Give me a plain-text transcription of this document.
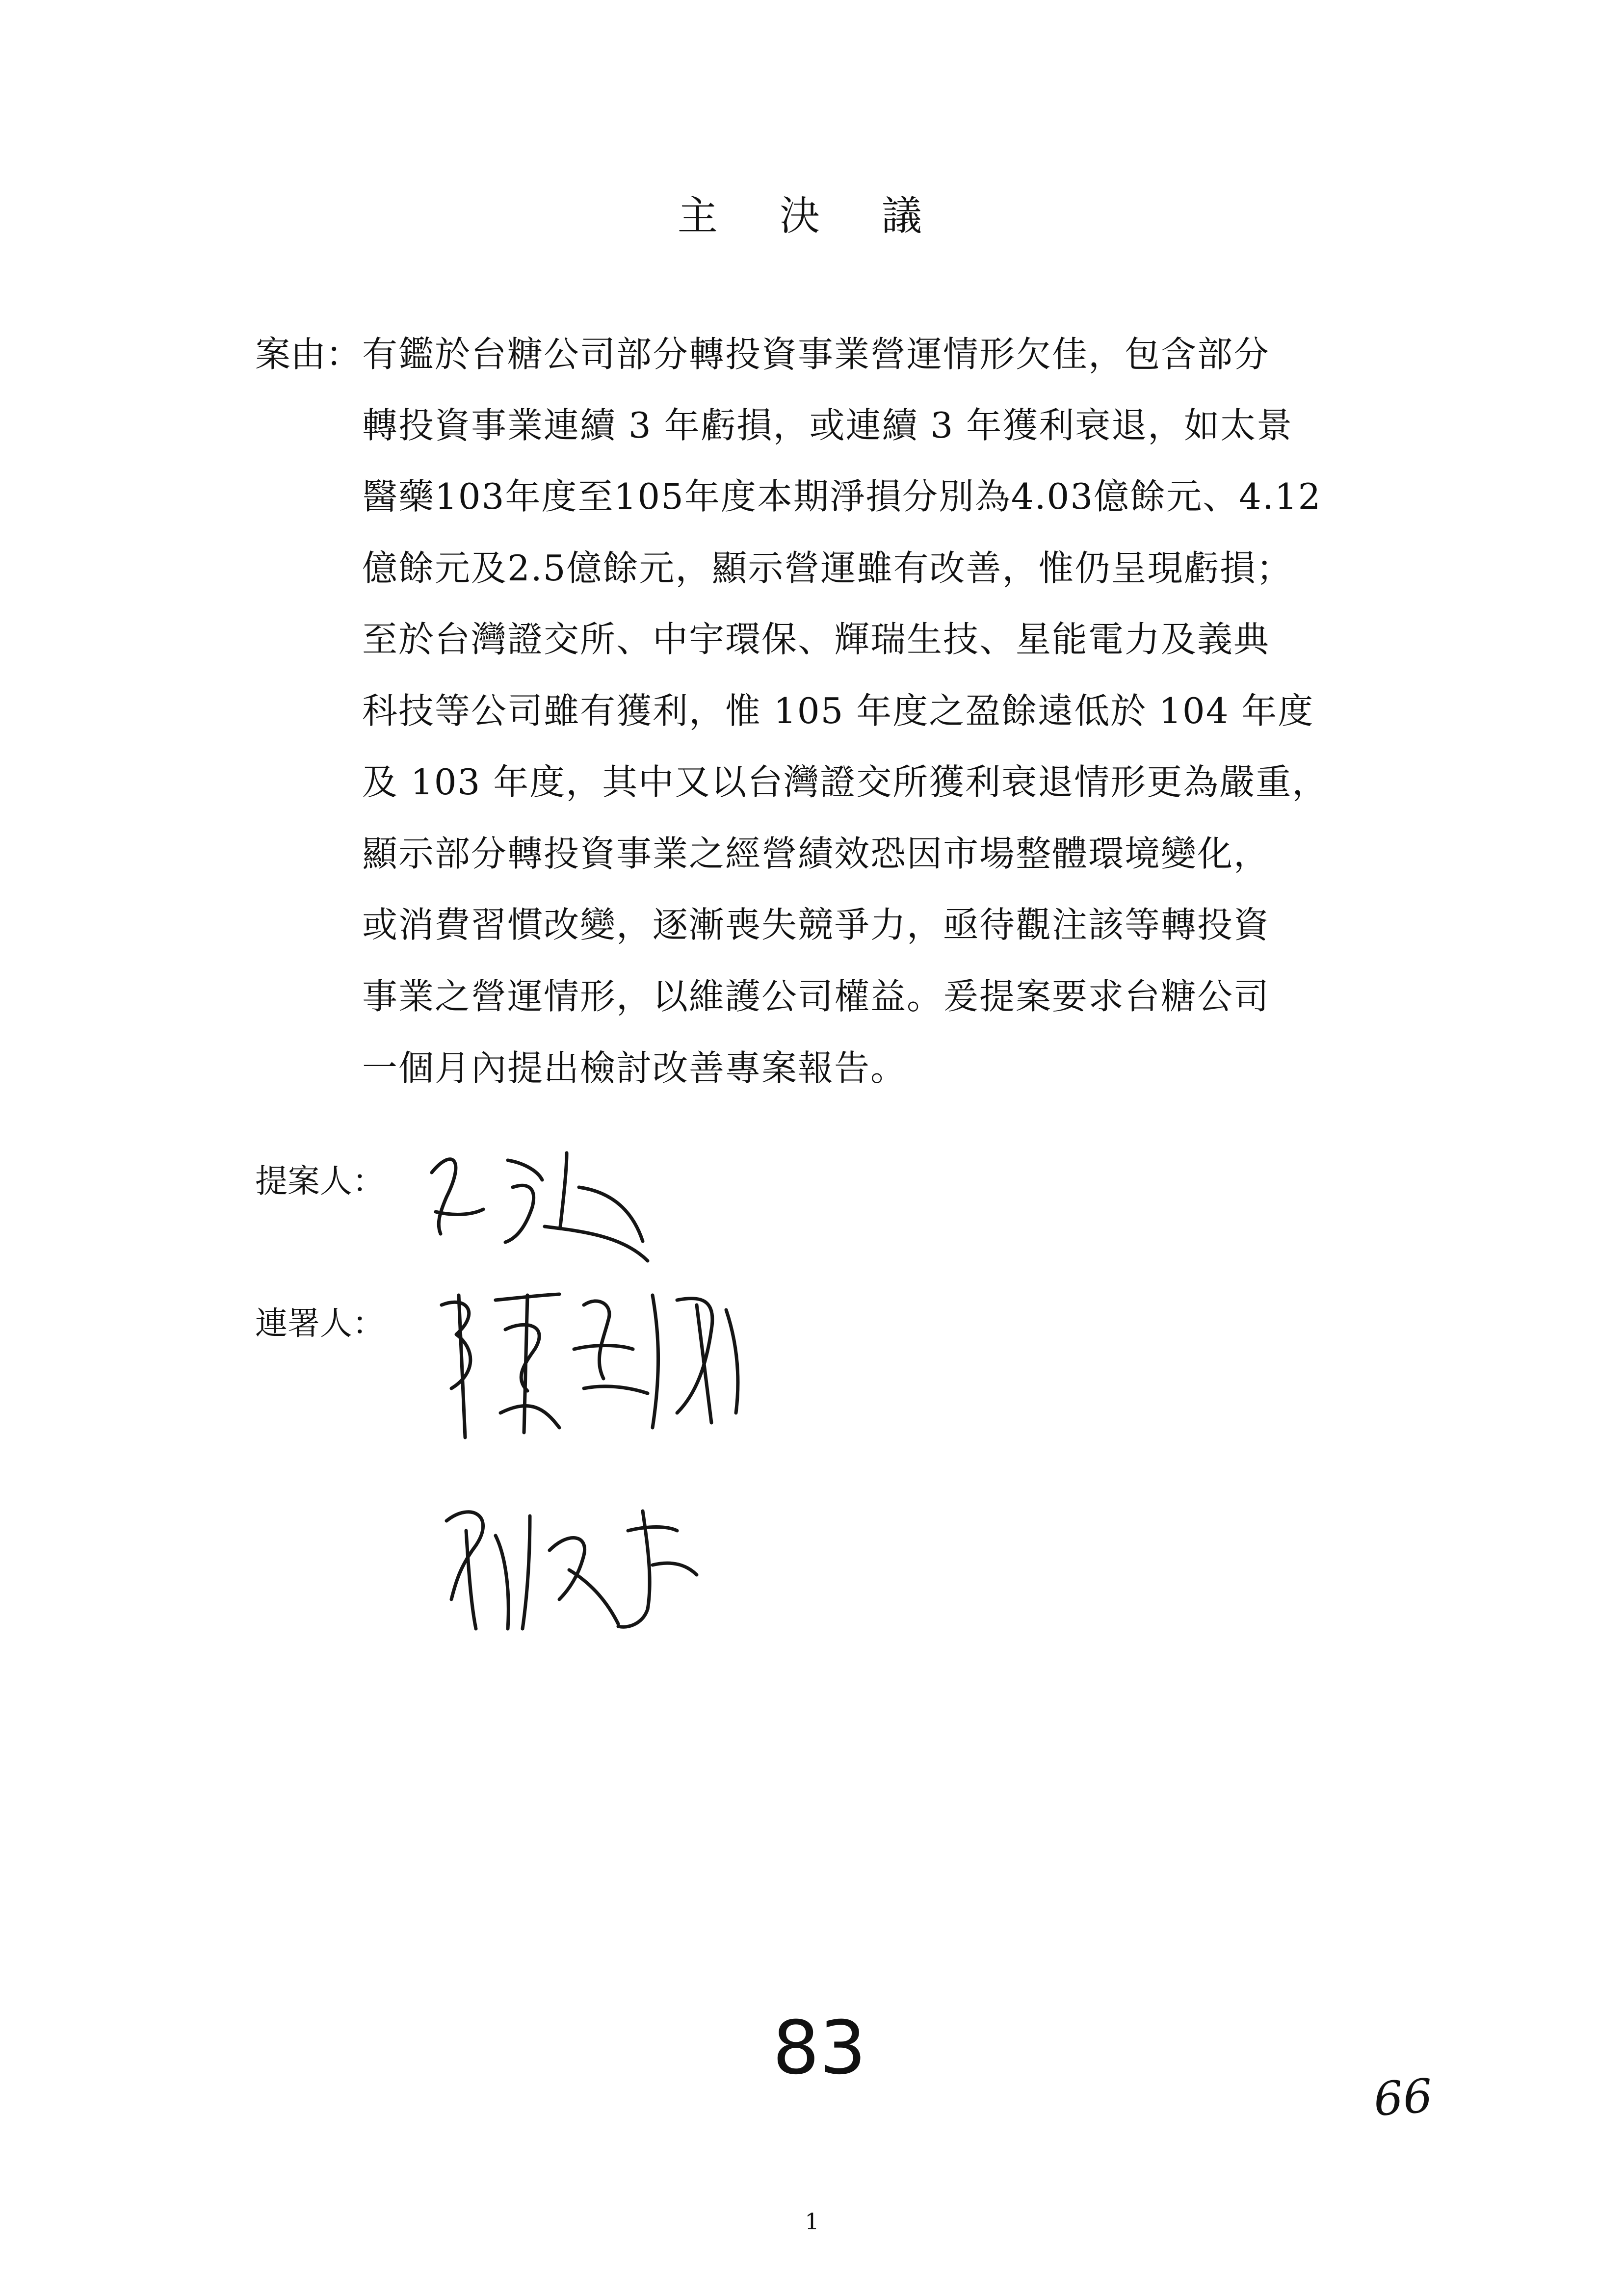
主 決 議
案由： 有鑑於台糖公司部分轉投資事業營運情形欠佳，包含部分
轉投資事業連續 3 年虧損，或連續 3 年獲利衰退，如太景
醫藥103年度至105年度本期淨損分別為4.03億餘元、4.12
億餘元及2.5億餘元，顯示營運雖有改善，惟仍呈現虧損；
至於台灣證交所、中宇環保、輝瑞生技、星能電力及義典
科技等公司雖有獲利，惟 105 年度之盈餘遠低於 104 年度
及 103 年度，其中又以台灣證交所獲利衰退情形更為嚴重，
顯示部分轉投資事業之經營績效恐因市場整體環境變化，
或消費習慣改變，逐漸喪失競爭力，亟待觀注該等轉投資
事業之營運情形，以維護公司權益。爰提案要求台糖公司
一個月內提出檢討改善專案報告。
提案人：
連署人：
83
66
1
